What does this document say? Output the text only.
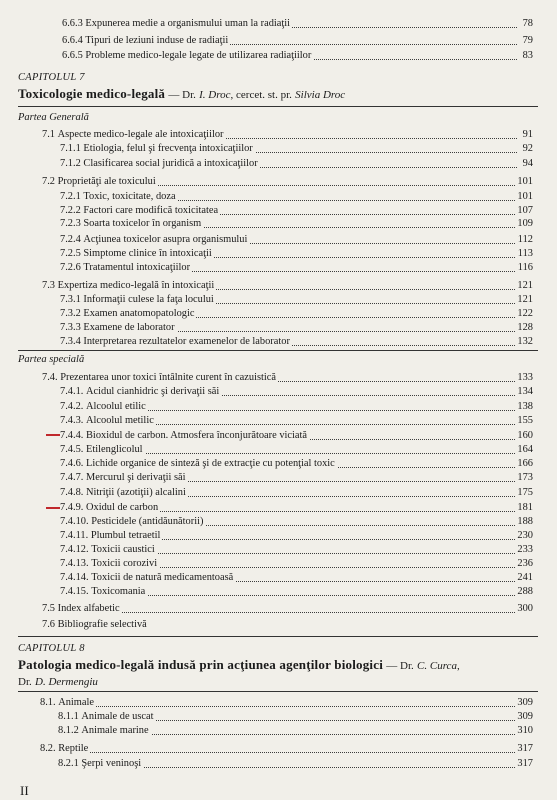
6.6.3 Expunerea medie a organismului uman la radiaţii	78
6.6.4 Tipuri de leziuni induse de radiaţii	79
6.6.5 Probleme medico-legale legate de utilizarea radiaţiilor	83
CAPITOLUL 7
Toxicologie medico-legală — Dr. I. Droc, cercet. st. pr. Silvia Droc
Partea Generală
7.1 Aspecte medico-legale ale intoxicaţiilor	91
7.1.1 Etiologia, felul şi frecvenţa intoxicaţiilor	92
7.1.2 Clasificarea social juridică a intoxicaţiilor	94
7.2 Proprietăţi ale toxicului	101
7.2.1 Toxic, toxicitate, doza	101
7.2.2 Factori care modifică toxicitatea	107
7.2.3 Soarta toxicelor în organism	109
7.2.4 Acţiunea toxicelor asupra organismului	112
7.2.5 Simptome clinice în intoxicaţii	113
7.2.6 Tratamentul intoxicaţiilor	116
7.3 Expertiza medico-legală în intoxicaţii	121
7.3.1 Informaţii culese la faţa locului	121
7.3.2 Examen anatomopatologic	122
7.3.3 Examene de laborator	128
7.3.4 Interpretarea rezultatelor examenelor de laborator	132
Partea specială
7.4. Prezentarea unor toxici întâlnite curent în cazuistică	133
7.4.1. Acidul cianhidric şi derivaţii săi	134
7.4.2. Alcoolul etilic	138
7.4.3. Alcoolul metilic	155
7.4.4. Bioxidul de carbon. Atmosfera înconjurătoare viciată	160
7.4.5. Etilenglicolul	164
7.4.6. Lichide organice de sinteză şi de extracţie cu potenţial toxic	166
7.4.7. Mercurul şi derivaţii săi	173
7.4.8. Nitriţii (azotiţii) alcalini	175
7.4.9. Oxidul de carbon	181
7.4.10. Pesticidele (antidăunătorii)	188
7.4.11. Plumbul tetraetil	230
7.4.12. Toxicii caustici	233
7.4.13. Toxicii corozivi	236
7.4.14. Toxicii de natură medicamentoasă	241
7.4.15. Toxicomania	288
7.5 Index alfabetic	300
7.6 Bibliografie selectivă
CAPITOLUL 8
Patologia medico-legală indusă prin acţiunea agenţilor biologici — Dr. C. Curca,
Dr. D. Dermengiu
8.1. Animale	309
8.1.1 Animale de uscat	309
8.1.2 Animale marine	310
8.2. Reptile	317
8.2.1 Şerpi veninoşi	317
II
